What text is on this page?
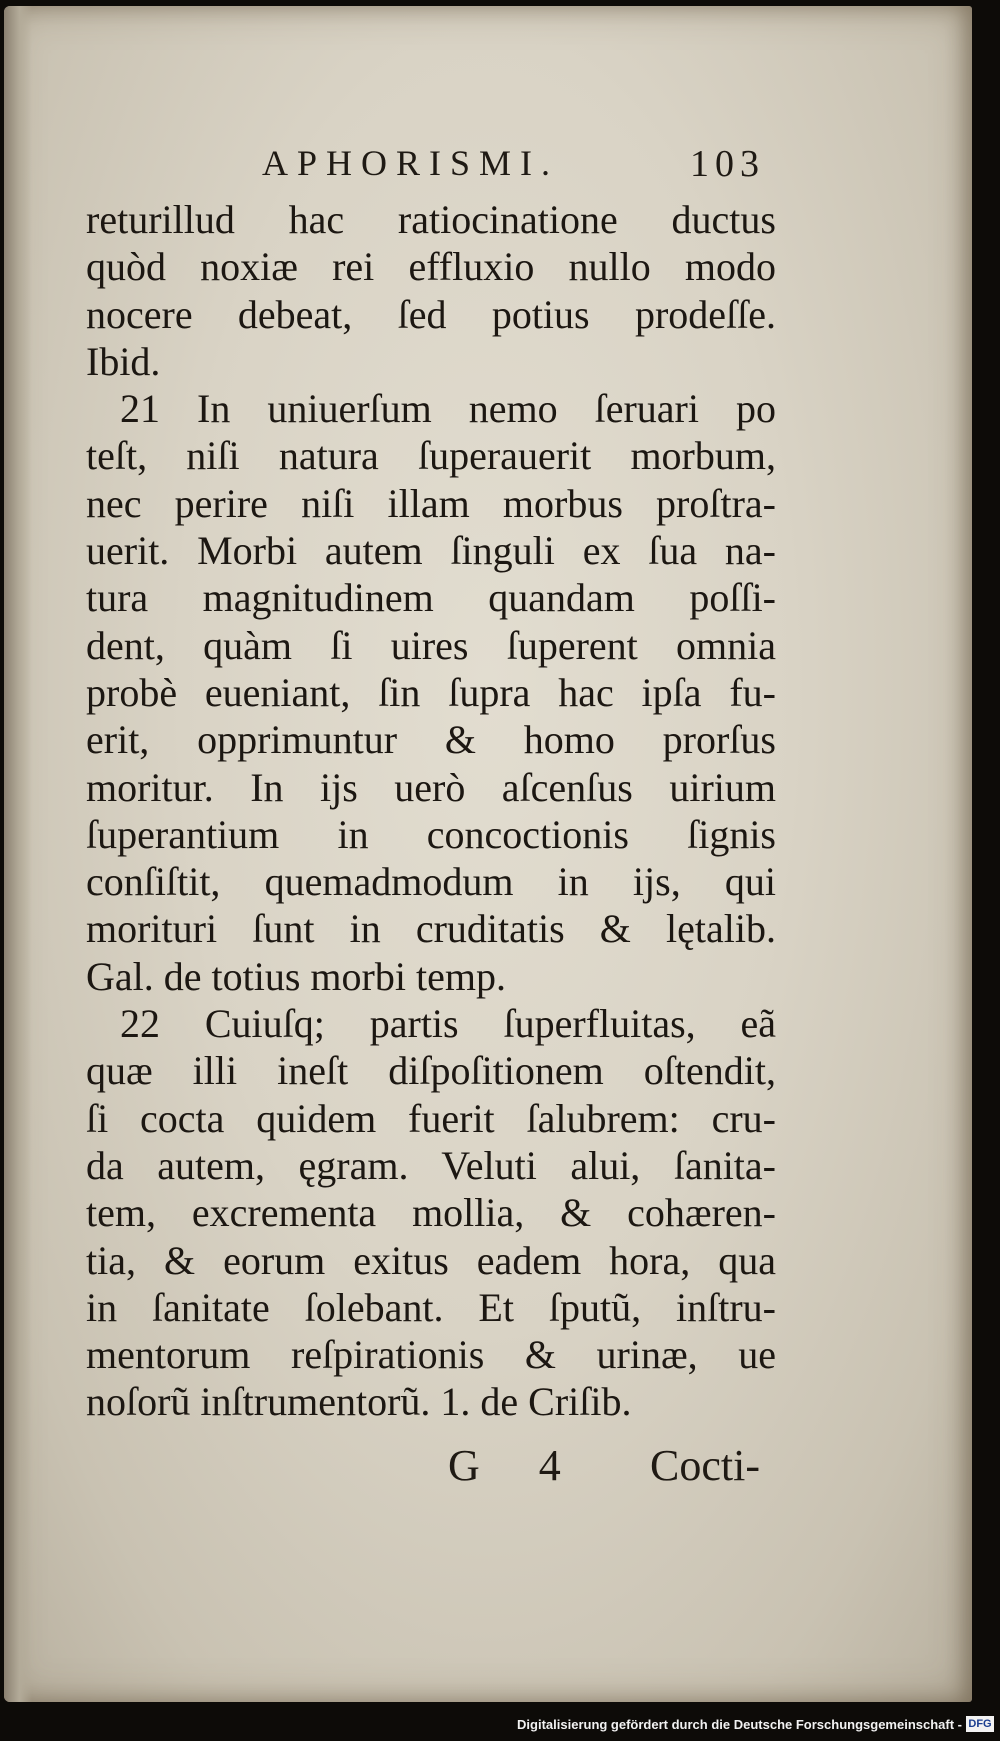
APHORISMI.	103
returillud hac ratiocinatione ductus
quòd noxiæ rei effluxio nullo modo
nocere debeat, ſed potius prodeſſe.
Ibid.
21 In uniuerſum nemo ſeruari po
teſt, niſi natura ſuperauerit morbum,
nec perire niſi illam morbus proſtra-
uerit. Morbi autem ſinguli ex ſua na-
tura magnitudinem quandam poſſi-
dent, quàm ſi uires ſuperent omnia
probè eueniant, ſin ſupra hac ipſa fu-
erit, opprimuntur & homo prorſus
moritur. In ijs uerò aſcenſus uirium
ſuperantium in concoctionis ſignis
conſiſtit, quemadmodum in ijs, qui
morituri ſunt in cruditatis & lętalib.
Gal. de totius morbi temp.
22 Cuiuſq; partis ſuperfluitas, eã
quæ illi ineſt diſpoſitionem oſtendit,
ſi cocta quidem fuerit ſalubrem: cru-
da autem, ęgram. Veluti alui, ſanita-
tem, excrementa mollia, & cohæren-
tia, & eorum exitus eadem hora, qua
in ſanitate ſolebant. Et ſputũ, inſtru-
mentorum reſpirationis & urinæ, ue
noſorũ inſtrumentorũ. 1. de Criſib.
G 4 Cocti-
Digitalisierung gefördert durch die Deutsche Forschungsgemeinschaft - DFG
